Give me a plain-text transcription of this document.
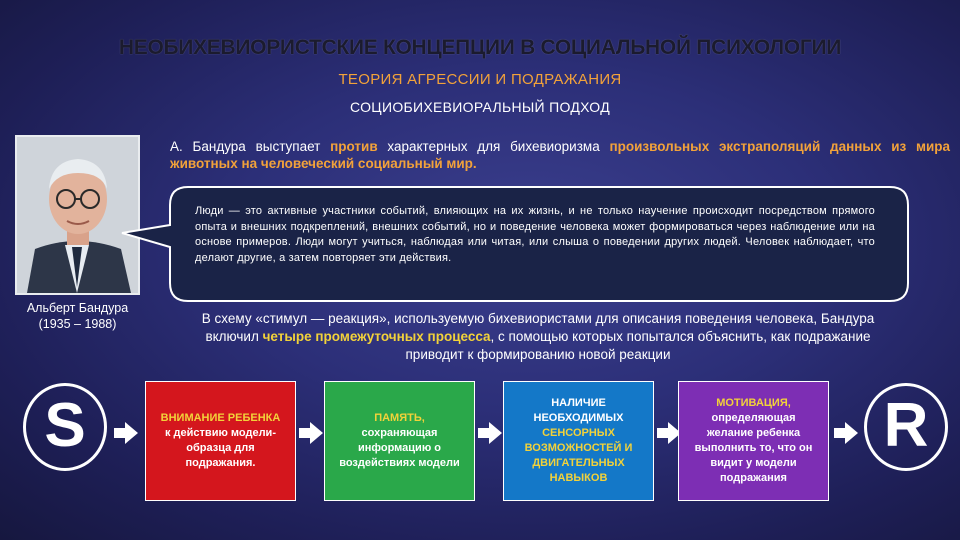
НЕОБИХЕВИОРИСТСКИЕ КОНЦЕПЦИИ В СОЦИАЛЬНОЙ ПСИХОЛОГИИ
ТЕОРИЯ АГРЕССИИ И ПОДРАЖАНИЯ
СОЦИОБИХЕВИОРАЛЬНЫЙ ПОДХОД
Альберт Бандура
(1935 – 1988)
А. Бандура выступает против характерных для бихевиоризма произвольных экстраполяций данных из мира животных на человеческий социальный мир.
Люди — это активные участники событий, влияющих на их жизнь, и не только научение происходит посредством прямого опыта и внешних подкреплений, внешних событий, но и поведение человека может формироваться через наблюдение или на основе примеров. Люди могут учиться, наблюдая или читая, или слыша о поведении других людей. Человек наблюдает, что делают другие, а затем повторяет эти действия.
В схему «стимул — реакция», используемую бихевиористами для описания поведения человека, Бандура включил четыре промежуточных процесса, с помощью которых попытался объяснить, как подражание приводит к формированию новой реакции
S	ВНИМАНИЕ РЕБЕНКА
к действию модели-образца для подражания.
ПАМЯТЬ,
сохраняющая информацию о воздействиях модели
НАЛИЧИЕ НЕОБХОДИМЫХ
СЕНСОРНЫХ ВОЗМОЖНОСТЕЙ И ДВИГАТЕЛЬНЫХ НАВЫКОВ
МОТИВАЦИЯ,
определяющая желание ребенка выполнить то, что он видит у модели подражания
R
